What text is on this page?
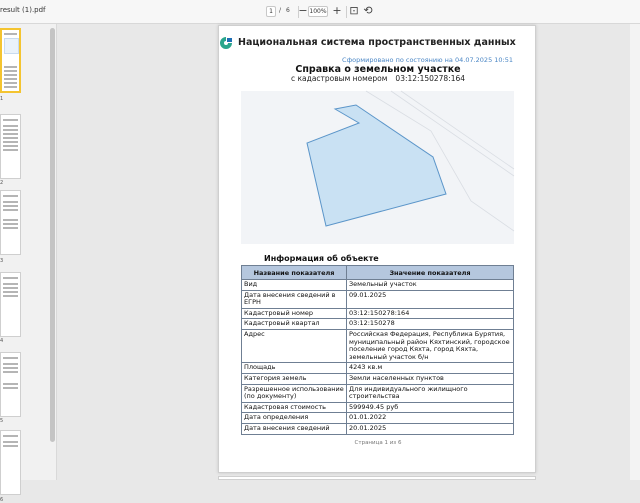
result (1).pdf	1	/ 6 − 100% + ⊡ ⟲
1
2
3
4
5
6
Национальная система пространственных данных
Сформировано по состоянию на 04.07.2025 10:51
Справка о земельном участке
с кадастровым номером 03:12:150278:164
Информация об объекте
Название показателя	Значение показателя
Вид	Земельный участок
Дата внесения сведений в ЕГРН	09.01.2025
Кадастровый номер	03:12:150278:164
Кадастровый квартал	03:12:150278
Адрес	Российская Федерация, Республика Бурятия, муниципальный район Кяхтинский, городское поселение город Кяхта, город Кяхта, земельный участок б/н
Площадь	4243 кв.м
Категория земель	Земли населенных пунктов
Разрешенное использование (по документу)	Для индивидуального жилищного строительства
Кадастровая стоимость	599949.45 руб
Дата определения	01.01.2022
Дата внесения сведений	20.01.2025
Страница 1 из 6
